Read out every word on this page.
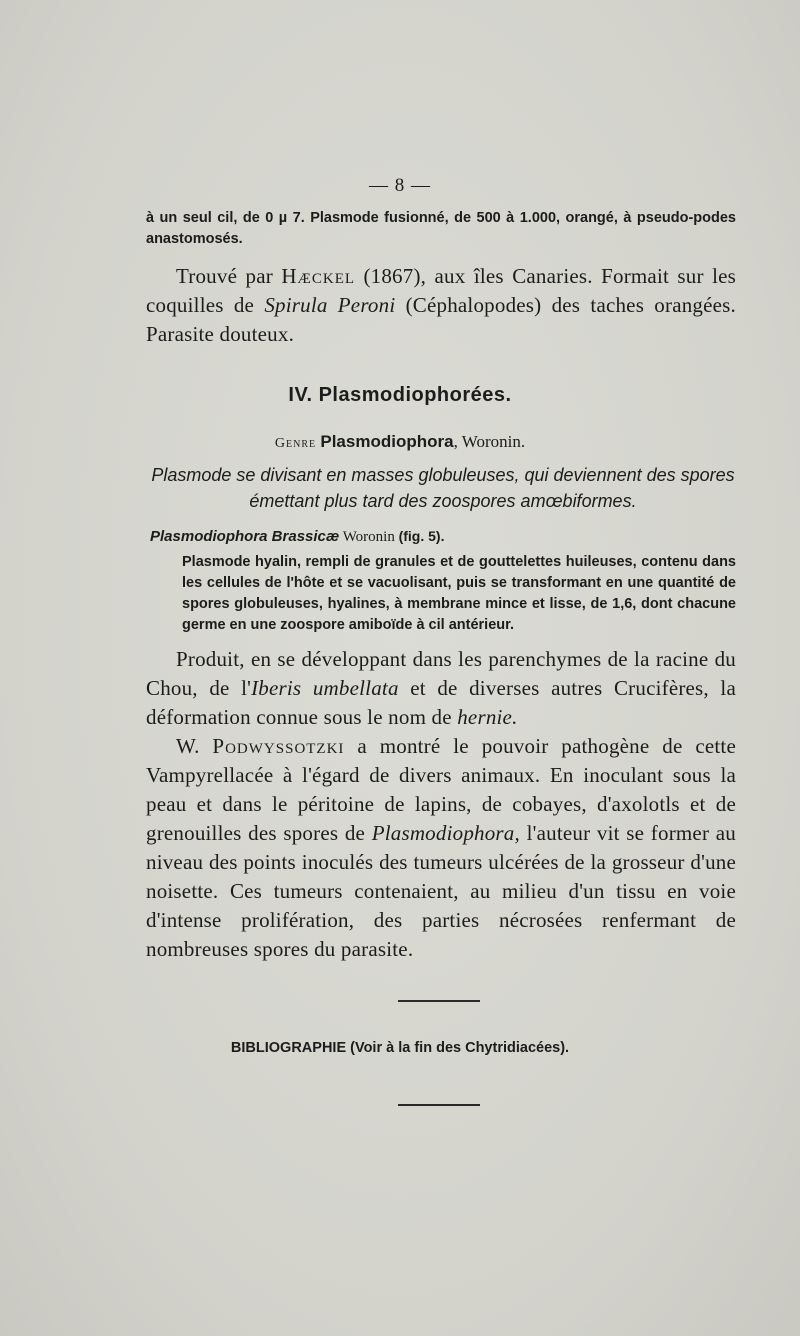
— 8 —
à un seul cil, de 0 µ 7. Plasmode fusionné, de 500 à 1.000, orangé, à pseudo-podes anastomosés.
Trouvé par Hæckel (1867), aux îles Canaries. Formait sur les coquilles de Spirula Peroni (Céphalopodes) des taches orangées. Parasite douteux.
IV. Plasmodiophorées.
Genre Plasmodiophora, Woronin.
Plasmode se divisant en masses globuleuses, qui deviennent des spores émettant plus tard des zoospores amœbiformes.
Plasmodiophora Brassicæ Woronin (fig. 5).
Plasmode hyalin, rempli de granules et de gouttelettes huileuses, contenu dans les cellules de l'hôte et se vacuolisant, puis se transformant en une quantité de spores globuleuses, hyalines, à membrane mince et lisse, de 1,6, dont chacune germe en une zoospore amiboïde à cil antérieur.
Produit, en se développant dans les parenchymes de la racine du Chou, de l'Iberis umbellata et de diverses autres Crucifères, la déformation connue sous le nom de hernie.
W. Podwyssotzki a montré le pouvoir pathogène de cette Vampyrellacée à l'égard de divers animaux. En inoculant sous la peau et dans le péritoine de lapins, de cobayes, d'axolotls et de grenouilles des spores de Plasmodiophora, l'auteur vit se former au niveau des points inoculés des tumeurs ulcérées de la grosseur d'une noisette. Ces tumeurs contenaient, au milieu d'un tissu en voie d'intense prolifération, des parties nécrosées renfermant de nombreuses spores du parasite.
BIBLIOGRAPHIE (Voir à la fin des Chytridiacées).
